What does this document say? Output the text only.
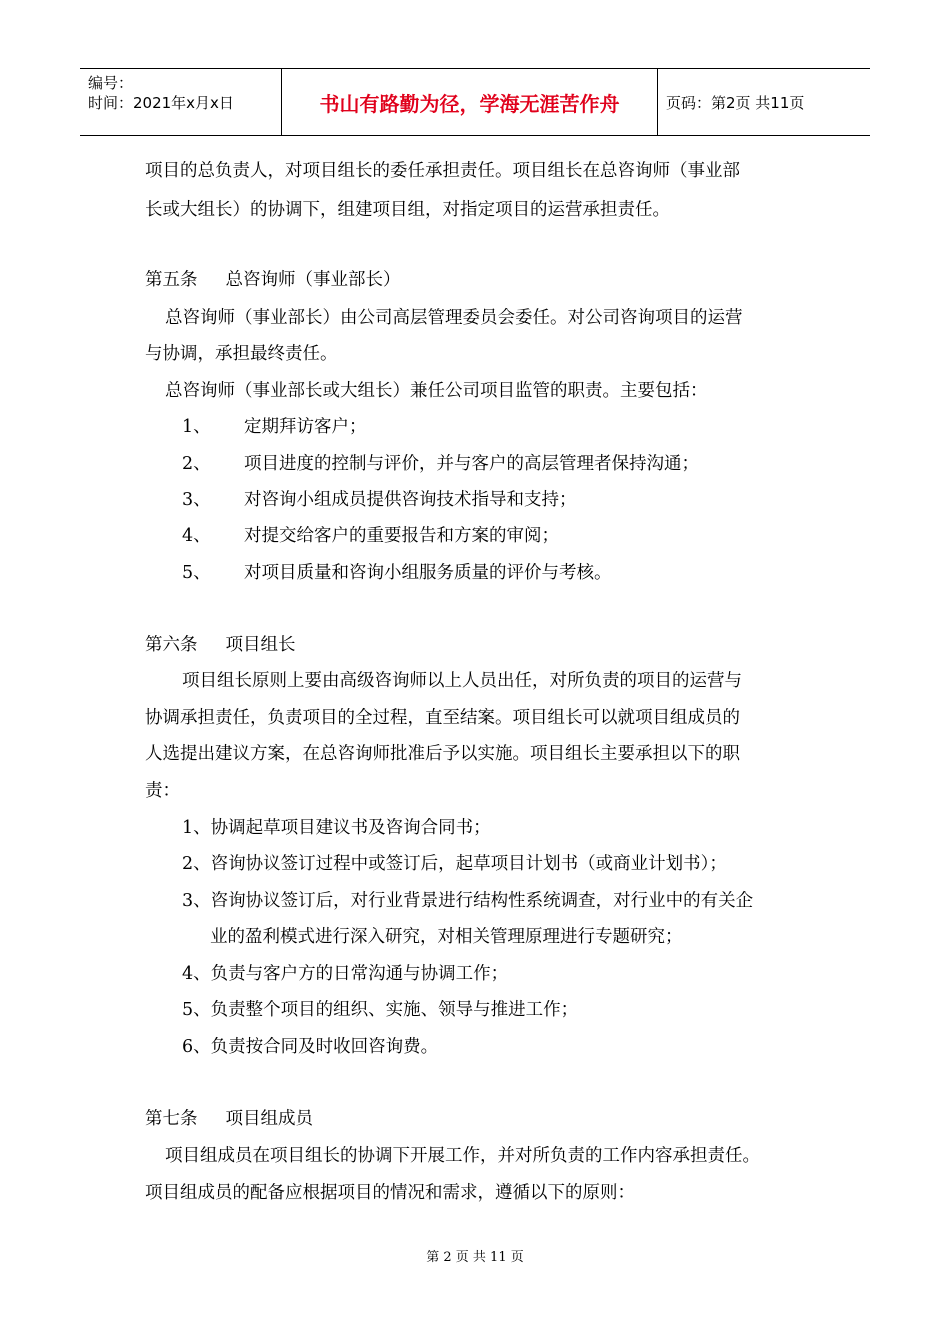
编号：
时间：2021年x月x日	书山有路勤为径，学海无涯苦作舟	页码：第2页 共11页
项目的总负责人，对项目组长的委任承担责任。项目组长在总咨询师（事业部
长或大组长）的协调下，组建项目组，对指定项目的运营承担责任。
第五条 总咨询师（事业部长）
总咨询师（事业部长）由公司高层管理委员会委任。对公司咨询项目的运营
与协调，承担最终责任。
总咨询师（事业部长或大组长）兼任公司项目监管的职责。主要包括：
1、 定期拜访客户；
2、 项目进度的控制与评价，并与客户的高层管理者保持沟通；
3、 对咨询小组成员提供咨询技术指导和支持；
4、 对提交给客户的重要报告和方案的审阅；
5、 对项目质量和咨询小组服务质量的评价与考核。
第六条 项目组长
项目组长原则上要由高级咨询师以上人员出任，对所负责的项目的运营与
协调承担责任，负责项目的全过程，直至结案。项目组长可以就项目组成员的
人选提出建议方案，在总咨询师批准后予以实施。项目组长主要承担以下的职
责：
1、协调起草项目建议书及咨询合同书；
2、咨询协议签订过程中或签订后，起草项目计划书（或商业计划书）；
3、咨询协议签订后，对行业背景进行结构性系统调查，对行业中的有关企
业的盈利模式进行深入研究，对相关管理原理进行专题研究；
4、负责与客户方的日常沟通与协调工作；
5、负责整个项目的组织、实施、领导与推进工作；
6、负责按合同及时收回咨询费。
第七条 项目组成员
项目组成员在项目组长的协调下开展工作，并对所负责的工作内容承担责任。
项目组成员的配备应根据项目的情况和需求，遵循以下的原则：
第 2 页 共 11 页
